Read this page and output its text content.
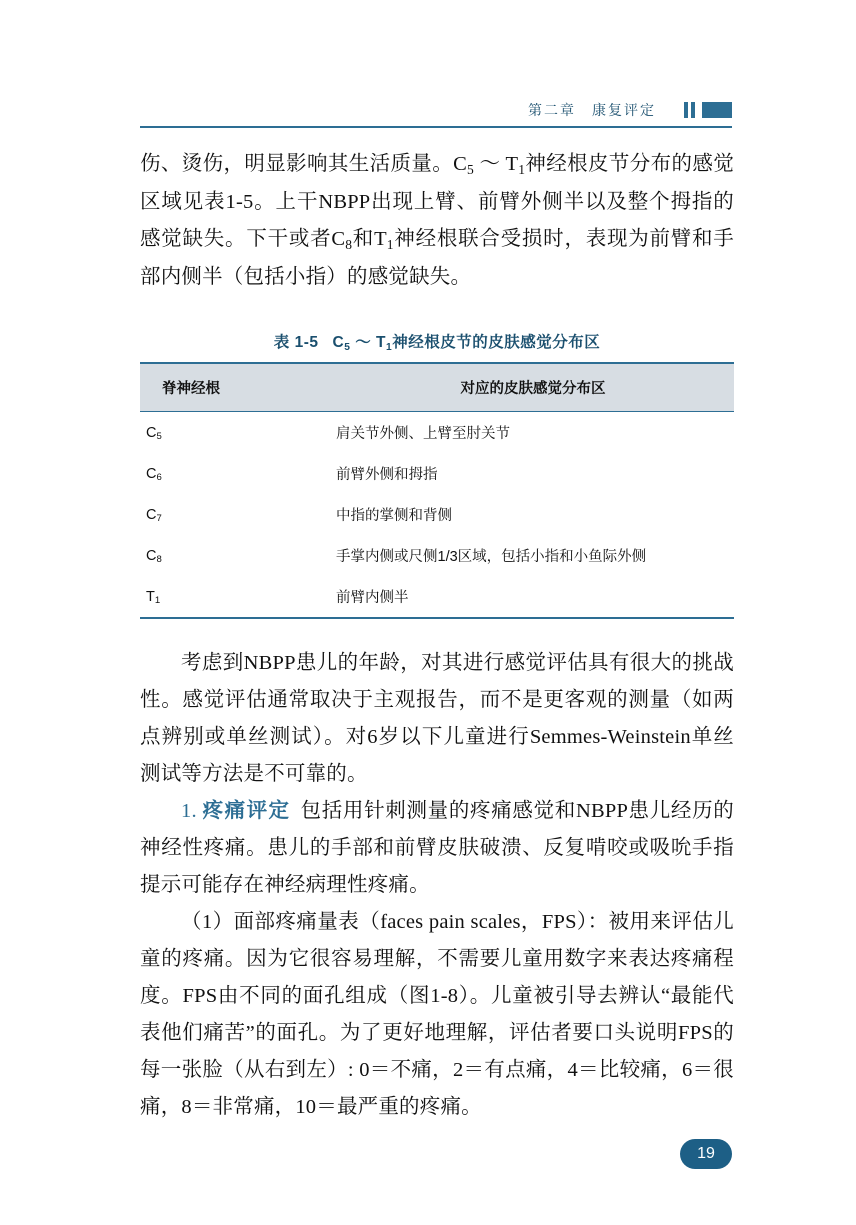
第二章　康复评定

伤、烫伤，明显影响其生活质量。$C_5$ ～ $T_1$神经根皮节分布的感觉区域见表1-5。上干NBPP出现上臂、前臂外侧半以及整个拇指的感觉缺失。下干或者$C_8$和$T_1$神经根联合受损时，表现为前臂和手部内侧半（包括小指）的感觉缺失。

表 1-5 $C_5$ ～ $T_1$神经根皮节的皮肤感觉分布区
脊神经根	对应的皮肤感觉分布区
$C_5$	肩关节外侧、上臂至肘关节
$C_6$	前臂外侧和拇指
$C_7$	中指的掌侧和背侧
$C_8$	手掌内侧或尺侧1/3区域，包括小指和小鱼际外侧
$T_1$	前臂内侧半

考虑到NBPP患儿的年龄，对其进行感觉评估具有很大的挑战性。感觉评估通常取决于主观报告，而不是更客观的测量（如两点辨别或单丝测试）。对6岁以下儿童进行Semmes-Weinstein单丝测试等方法是不可靠的。

1. 疼痛评定 包括用针刺测量的疼痛感觉和NBPP患儿经历的神经性疼痛。患儿的手部和前臂皮肤破溃、反复啃咬或吸吮手指提示可能存在神经病理性疼痛。

（1）面部疼痛量表（faces pain scales，FPS）：被用来评估儿童的疼痛。因为它很容易理解，不需要儿童用数字来表达疼痛程度。FPS由不同的面孔组成（图1-8）。儿童被引导去辨认“最能代表他们痛苦”的面孔。为了更好地理解，评估者要口头说明FPS的每一张脸（从右到左）: 0＝不痛，2＝有点痛，4＝比较痛，6＝很痛，8＝非常痛，10＝最严重的疼痛。

19
